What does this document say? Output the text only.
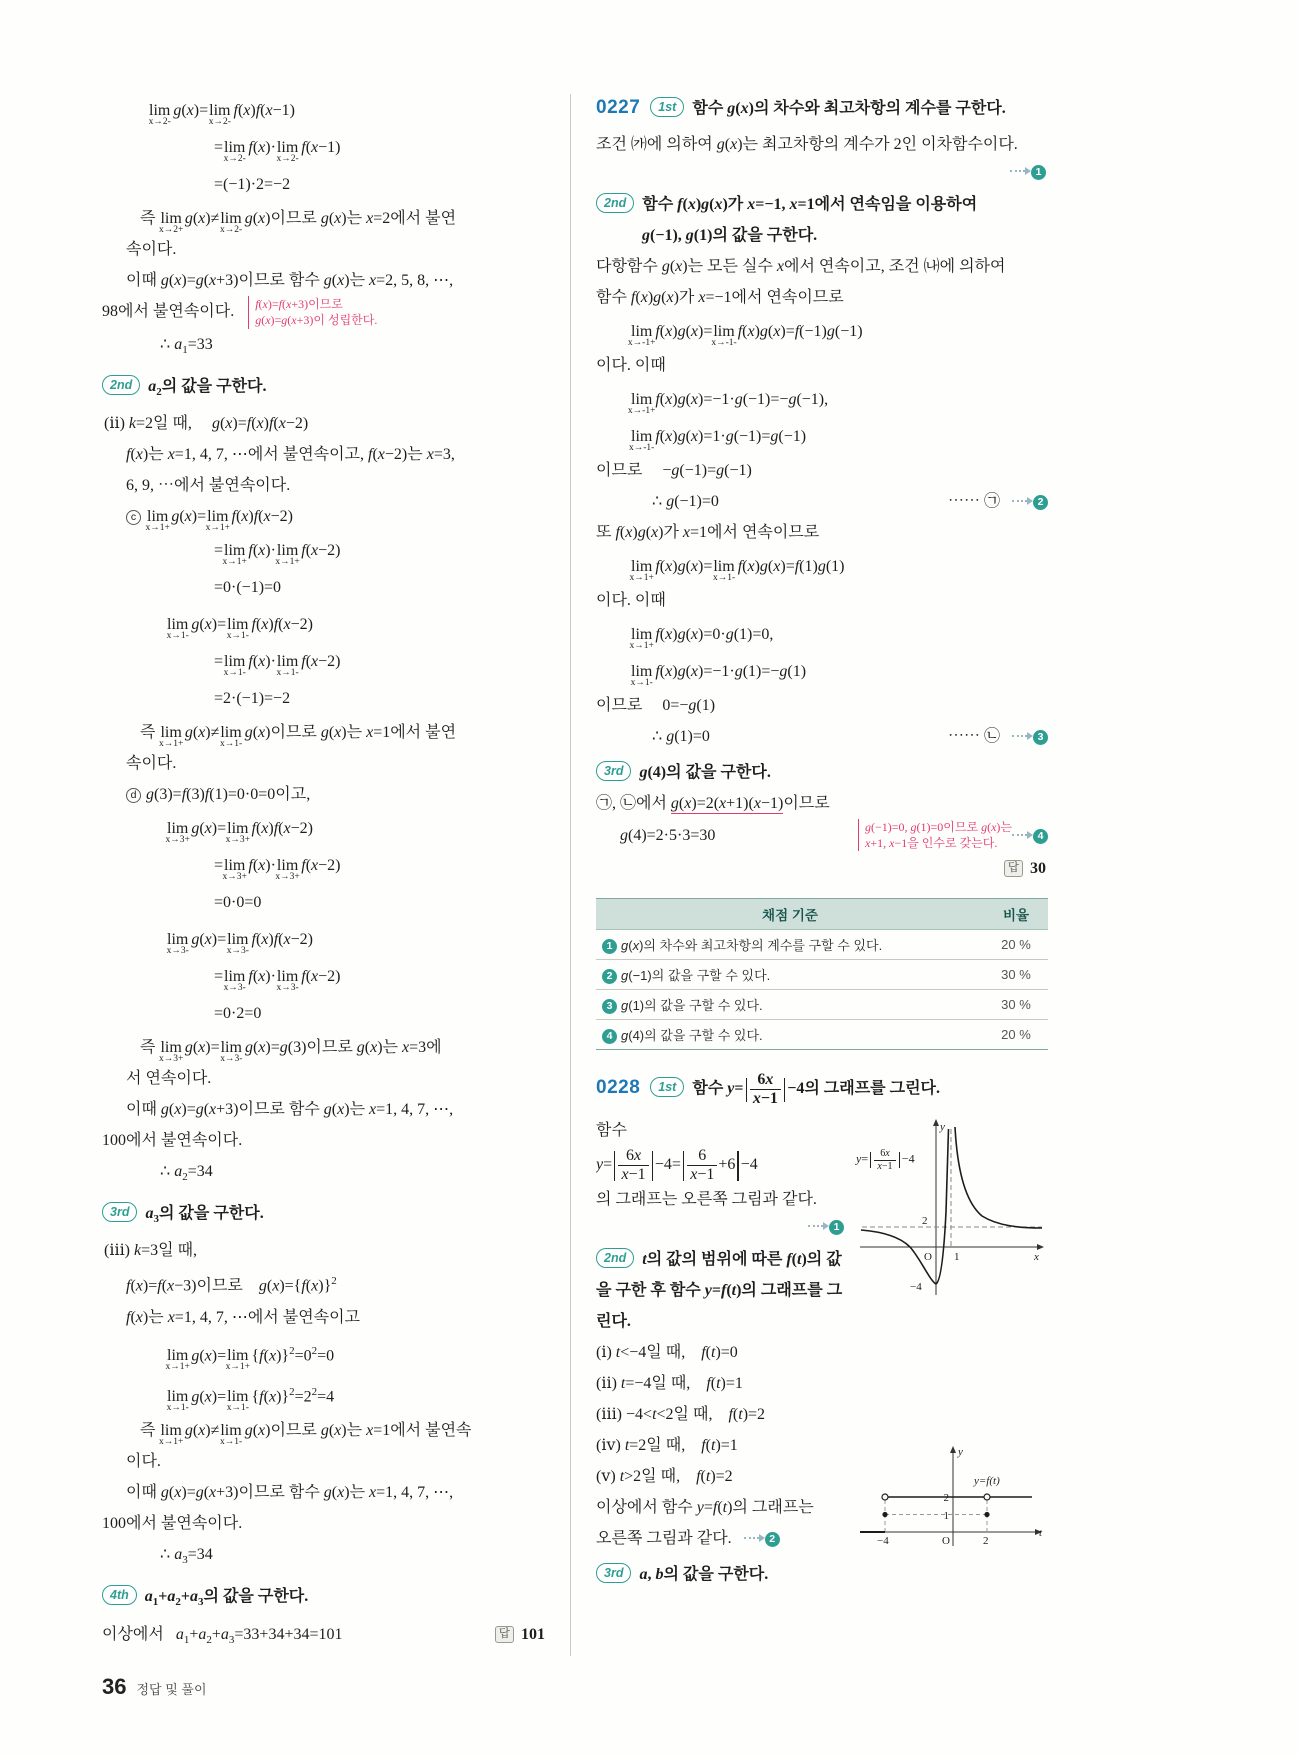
lim
x→2-
g(x)=lim
x→2-
f(x)f(x−1)
=lim
x→2-
f(x)·lim
x→2-
f(x−1)
=(−1)·2=−2
즉 lim
x→2+
g(x)≠lim
x→2-
g(x)이므로 g(x)는 x=2에서 불연
속이다.
이때 g(x)=g(x+3)이므로 함수 g(x)는 x=2, 5, 8, ⋯,
98에서 불연속이다. f(x)=f(x+3)이므로
g(x)=g(x+3)이 성립한다.
∴ $a_1=33$
2nd $a_2$의 값을 구한다.
(ⅱ) k=2일 때,     g(x)=f(x)f(x−2)
f(x)는 x=1, 4, 7, ⋯에서 불연속이고, f(x−2)는 x=3,
6, 9, ⋯에서 불연속이다.
c lim
x→1+
g(x)=lim
x→1+
f(x)f(x−2)
=lim
x→1+
f(x)·lim
x→1+
f(x−2)
=0·(−1)=0
lim
x→1-
g(x)=lim
x→1-
f(x)f(x−2)
=lim
x→1-
f(x)·lim
x→1-
f(x−2)
=2·(−1)=−2
즉 lim
x→1+
g(x)≠lim
x→1-
g(x)이므로 g(x)는 x=1에서 불연
속이다.
d g(3)=f(3)f(1)=0·0=0이고,
lim
x→3+
g(x)=lim
x→3+
f(x)f(x−2)
=lim
x→3+
f(x)·lim
x→3+
f(x−2)
=0·0=0
lim
x→3-
g(x)=lim
x→3-
f(x)f(x−2)
=lim
x→3-
f(x)·lim
x→3-
f(x−2)
=0·2=0
즉 lim
x→3+
g(x)=lim
x→3-
g(x)=g(3)이므로 g(x)는 x=3에
서 연속이다.
이때 g(x)=g(x+3)이므로 함수 g(x)는 x=1, 4, 7, ⋯,
100에서 불연속이다.
∴ $a_2=34$
3rd $a_3$의 값을 구한다.
(ⅲ) k=3일 때,
f(x)=f(x−3)이므로    $g(x)=\{f(x)\}^2$
f(x)는 x=1, 4, 7, ⋯에서 불연속이고
lim
x→1+
g(x)=lim
x→1+
$\{f(x)\}^2=0^2=0$
lim
x→1-
g(x)=lim
x→1-
$\{f(x)\}^2=2^2=4$
즉 lim
x→1+
g(x)≠lim
x→1-
g(x)이므로 g(x)는 x=1에서 불연속
이다.
이때 g(x)=g(x+3)이므로 함수 g(x)는 x=1, 4, 7, ⋯,
100에서 불연속이다.
∴ $a_3=34$
4th $a_1+a_2+a_3$의 값을 구한다.
이상에서   $a_1+a_2+a_3=33+34+34=101$	답 101
0227 1st 함수 g(x)의 차수와 최고차항의 계수를 구한다.
조건 ㈎에 의하여 g(x)는 최고차항의 계수가 2인 이차함수이다.
1
2nd 함수 f(x)g(x)가 x=−1, x=1에서 연속임을 이용하여
g(−1), g(1)의 값을 구한다.
다항함수 g(x)는 모든 실수 x에서 연속이고, 조건 ㈏에 의하여
함수 f(x)g(x)가 x=−1에서 연속이므로
lim
x→-1+
f(x)g(x)=lim
x→-1-
f(x)g(x)=f(−1)g(−1)
이다. 이때
lim
x→-1+
f(x)g(x)=−1·g(−1)=−g(−1),
lim
x→-1-
f(x)g(x)=1·g(−1)=g(−1)
이므로     −g(−1)=g(−1)
∴ g(−1)=0	⋯⋯ ㉠	2
또 f(x)g(x)가 x=1에서 연속이므로
lim
x→1+
f(x)g(x)=lim
x→1-
f(x)g(x)=f(1)g(1)
이다. 이때
lim
x→1+
f(x)g(x)=0·g(1)=0,
lim
x→1-
f(x)g(x)=−1·g(1)=−g(1)
이므로     0=−g(1)
∴ g(1)=0	⋯⋯ ㉡	3
3rd g(4)의 값을 구한다.
㉠, ㉡에서 g(x)=2(x+1)(x−1)이므로
g(4)=2·5·3=30	g(−1)=0, g(1)=0이므로 g(x)는
x+1, x−1을 인수로 갖는다.
4
답 30
채점 기준	비율
1 g(x)의 차수와 최고차항의 계수를 구할 수 있다.	20 %
2 g(−1)의 값을 구할 수 있다.	30 %
3 g(1)의 값을 구할 수 있다.	30 %
4 g(4)의 값을 구할 수 있다.	20 %
0228 1st 함수 $y= \frac{6x}{x-1} -4$의 그래프를 그린다.
$y= \frac{6x}{x-1} -4$
y
x
O 1
2
−4
함수
$y= \frac{6x}{x-1} -4= \frac{6}{x-1} +6 -4$
의 그래프는 오른쪽 그림과 같다.
1
2nd t의 값의 범위에 따른 f(t)의 값
을 구한 후 함수 y=f(t)의 그래프를 그
린다.
(ⅰ) t<−4일 때,    f(t)=0
(ⅱ) t=−4일 때,    f(t)=1
(ⅲ) −4<t<2일 때,    f(t)=2
y
t
O
−4	2
2
1
y=f(t)
(ⅳ) t=2일 때,    f(t)=1
(ⅴ) t>2일 때,    f(t)=2
이상에서 함수 y=f(t)의 그래프는
오른쪽 그림과 같다.   2
3rd a, b의 값을 구한다.
36 정답 및 풀이
